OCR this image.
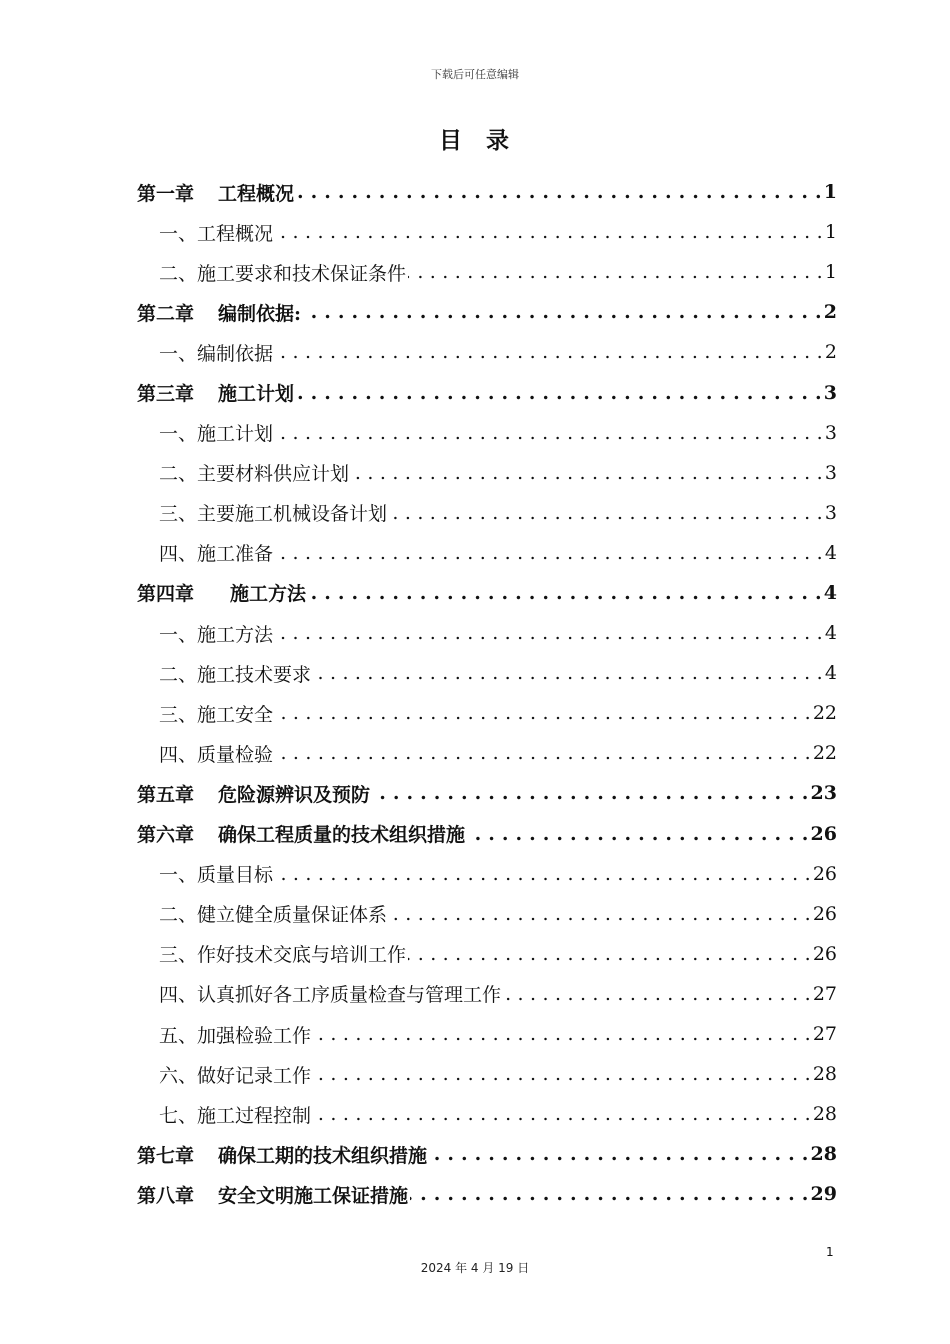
下载后可任意编辑
目 录
第一章 工程概况 . . .	1
一、工程概况 . . .	1
二、施工要求和技术保证条件 . . .	1
第二章 编制依据: . . .	2
一、编制依据 . . .	2
第三章 施工计划 . . .	3
一、施工计划 . . .	3
二、主要材料供应计划 . . .	3
三、主要施工机械设备计划 . . .	3
四、施工准备 . . .	4
第四章 施工方法 . . .	4
一、施工方法 . . .	4
二、施工技术要求 . . .	4
三、施工安全 . . .	22
四、质量检验 . . .	22
第五章 危险源辨识及预防 . . .	23
第六章 确保工程质量的技术组织措施 . . .	26
一、质量目标 . . .	26
二、健立健全质量保证体系 . . .	26
三、作好技术交底与培训工作 . . .	26
四、认真抓好各工序质量检查与管理工作 . . .	27
五、加强检验工作 . . .	27
六、做好记录工作 . . .	28
七、施工过程控制 . . .	28
第七章 确保工期的技术组织措施 . . .	28
第八章 安全文明施工保证措施 . . .	29
1
2024 年 4 月 19 日
